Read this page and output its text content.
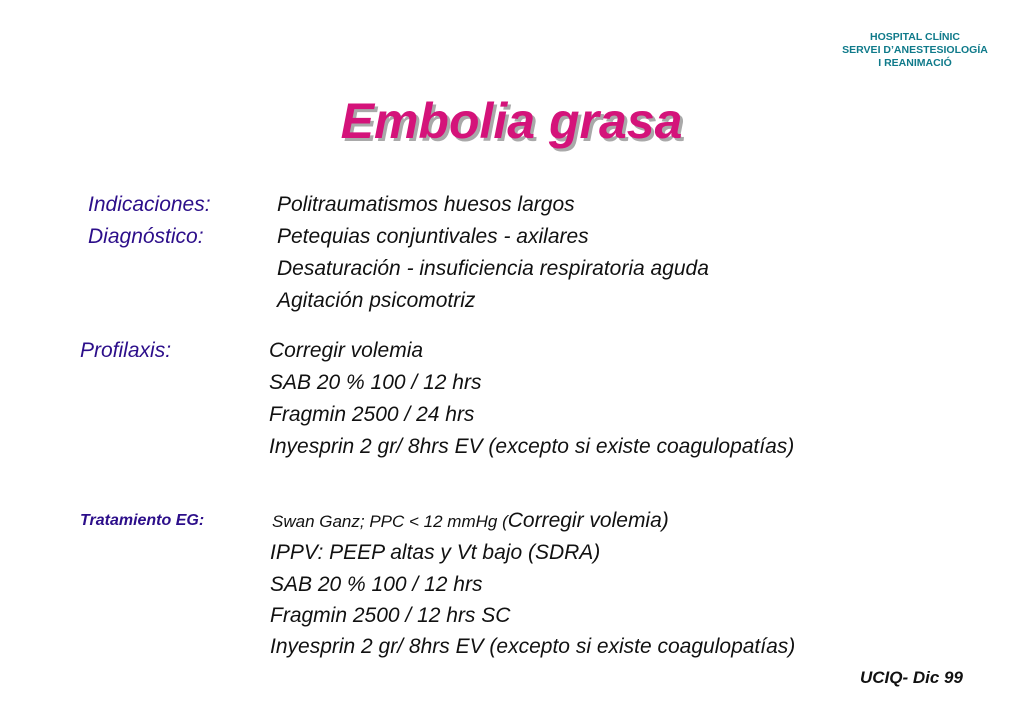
HOSPITAL CLÍNIC
SERVEI D’ANESTESIOLOGÍA
I REANIMACIÓ
Embolia grasa
Indicaciones:	Politraumatismos huesos largos
Diagnóstico:	Petequias conjuntivales - axilares
Desaturación - insuficiencia respiratoria aguda
Agitación psicomotriz
Profilaxis:	Corregir volemia
SAB 20 % 100 / 12 hrs
Fragmin 2500 / 24 hrs
Inyesprin 2 gr/ 8hrs EV (excepto si existe coagulopatías)
Tratamiento EG:	Swan Ganz; PPC < 12 mmHg (Corregir volemia)
IPPV: PEEP altas y Vt bajo (SDRA)
SAB 20 % 100 / 12 hrs
Fragmin 2500 / 12 hrs SC
Inyesprin 2 gr/ 8hrs EV (excepto si existe coagulopatías)
UCIQ- Dic 99
